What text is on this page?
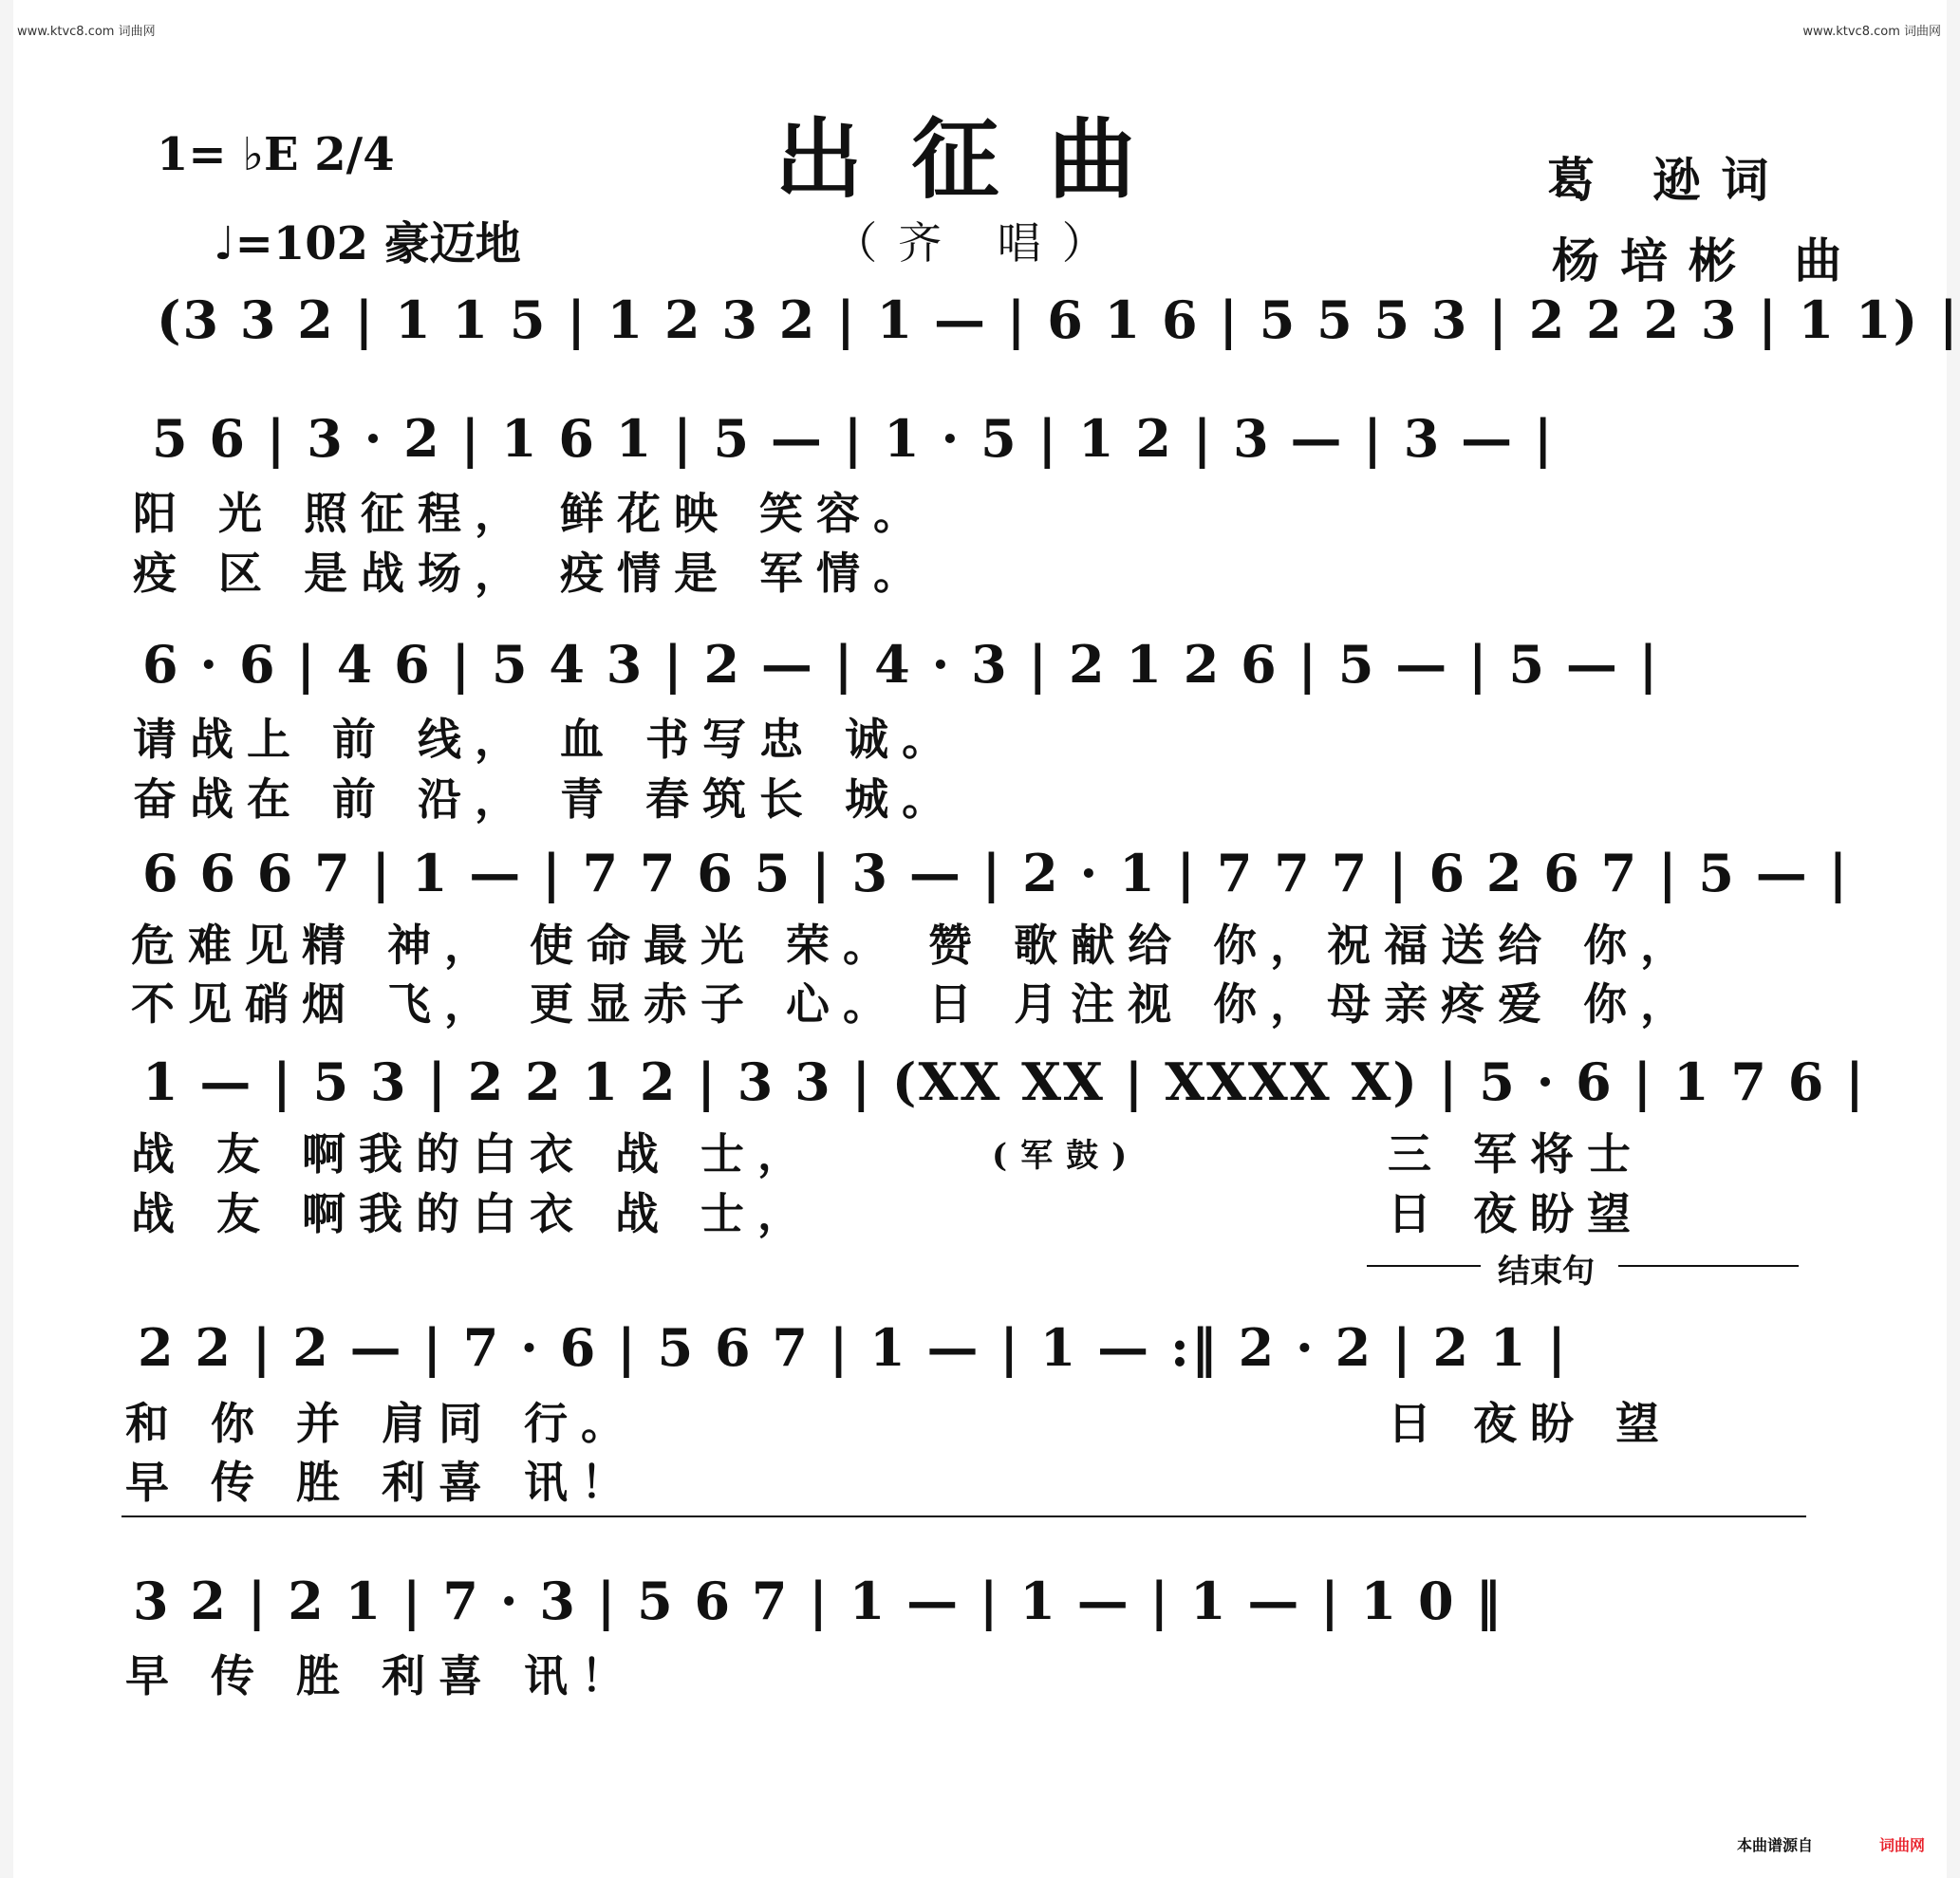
www.ktvc8.com 词曲网	www.ktvc8.com 词曲网
出征曲
（齐 唱）
1= ♭E 2/4
♩=102 豪迈地
葛 逊词
杨培彬 曲
(3 3 2 | 1 1 5 | 1 2 3 2 | 1 — | 6 1 6 | 5 5 5 3 | 2 2 2 3 | 1 1) |
5 6 | 3 · 2 | 1 6 1 | 5 — | 1 · 5 | 1 2 | 3 — | 3 — |
阳 光 照征程， 鲜花映 笑容。
疫 区 是战场， 疫情是 军情。
6 · 6 | 4 6 | 5 4 3 | 2 — | 4 · 3 | 2 1 2 6 | 5 — | 5 — |
请战上 前 线， 血 书写忠 诚。
奋战在 前 沿， 青 春筑长 城。
6 6 6 7 | 1 — | 7 7 6 5 | 3 — | 2 · 1 | 7 7 7 | 6 2 6 7 | 5 — |
危难见精 神， 使命最光 荣。 赞 歌献给 你，祝福送给 你，
不见硝烟 飞， 更显赤子 心。 日 月注视 你，母亲疼爱 你，
1 — | 5 3 | 2 2 1 2 | 3 3 | (XX XX | XXXX X) | 5 · 6 | 1 7 6 |
战 友 啊我的白衣 战 士，	(军鼓)	三 军将士
战 友 啊我的白衣 战 士，	日 夜盼望
结束句
2 2 | 2 — | 7 · 6 | 5 6 7 | 1 — | 1 — :‖ 2 · 2 | 2 1 |
和 你 并 肩同 行。	日 夜盼 望
早 传 胜 利喜 讯！
3 2 | 2 1 | 7 · 3 | 5 6 7 | 1 — | 1 — | 1 — | 1 0 ‖
早 传 胜 利喜 讯！
本曲谱源自	词曲网
